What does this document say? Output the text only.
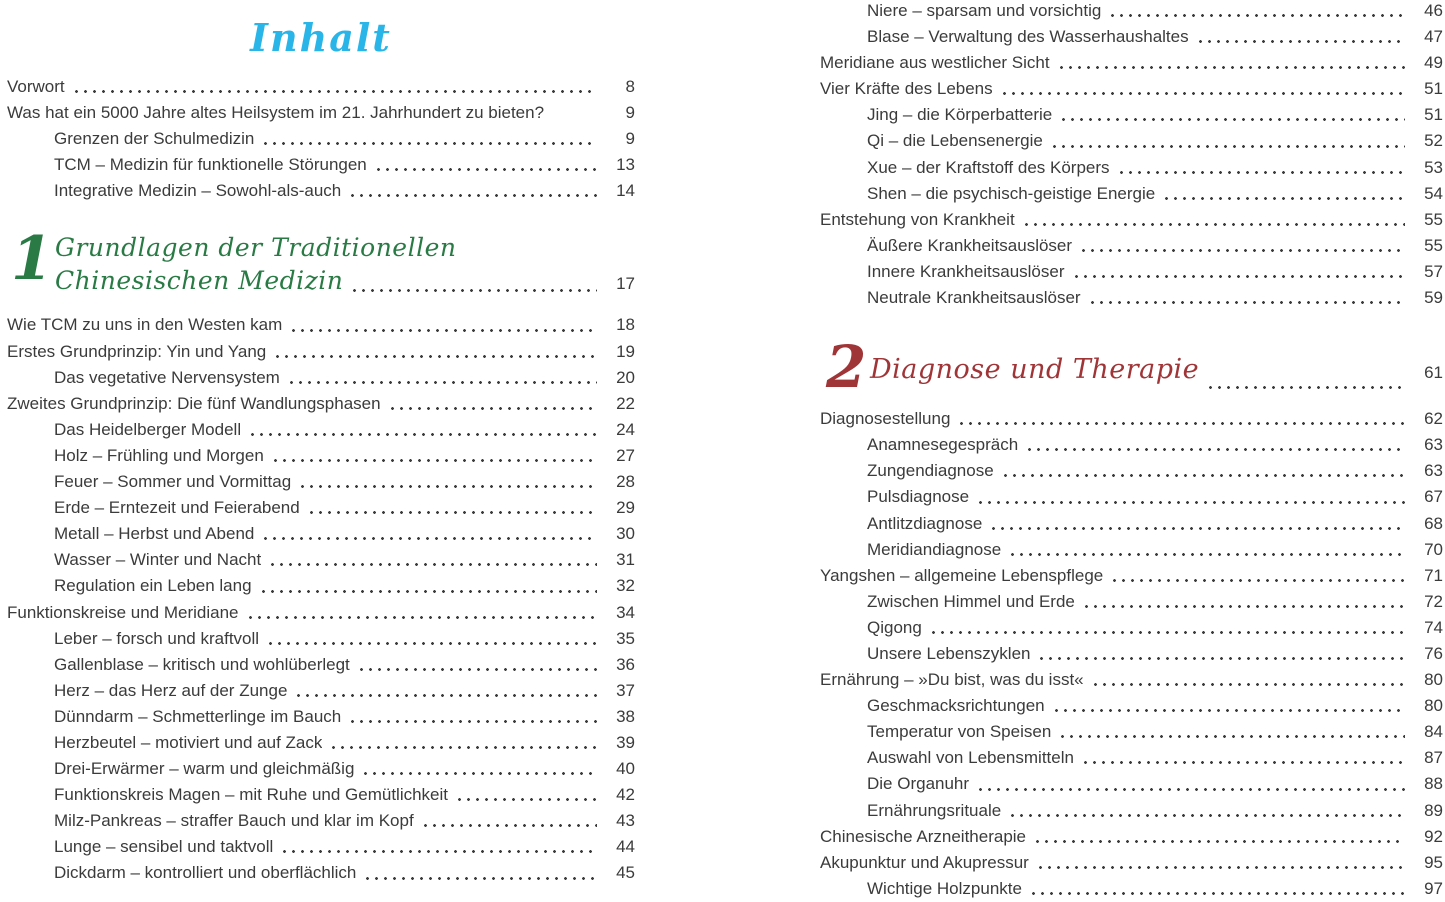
Inhalt
Vorwort	8
Was hat ein 5000 Jahre altes Heilsystem im 21. Jahrhundert zu bieten?	9
Grenzen der Schulmedizin	9
TCM – Medizin für funktionelle Störungen	13
Integrative Medizin – Sowohl-als-auch	14
1 Grundlagen der Traditionellen
Chinesischen Medizin	17
Wie TCM zu uns in den Westen kam	18
Erstes Grundprinzip: Yin und Yang	19
Das vegetative Nervensystem	20
Zweites Grundprinzip: Die fünf Wandlungsphasen	22
Das Heidelberger Modell	24
Holz – Frühling und Morgen	27
Feuer – Sommer und Vormittag	28
Erde – Erntezeit und Feierabend	29
Metall – Herbst und Abend	30
Wasser – Winter und Nacht	31
Regulation ein Leben lang	32
Funktionskreise und Meridiane	34
Leber – forsch und kraftvoll	35
Gallenblase – kritisch und wohlüberlegt	36
Herz – das Herz auf der Zunge	37
Dünndarm – Schmetterlinge im Bauch	38
Herzbeutel – motiviert und auf Zack	39
Drei-Erwärmer – warm und gleichmäßig	40
Funktionskreis Magen – mit Ruhe und Gemütlichkeit	42
Milz-Pankreas – straffer Bauch und klar im Kopf	43
Lunge – sensibel und taktvoll	44
Dickdarm – kontrolliert und oberflächlich	45
Niere – sparsam und vorsichtig	46
Blase – Verwaltung des Wasserhaushaltes	47
Meridiane aus westlicher Sicht	49
Vier Kräfte des Lebens	51
Jing – die Körperbatterie	51
Qi – die Lebensenergie	52
Xue – der Kraftstoff des Körpers	53
Shen – die psychisch-geistige Energie	54
Entstehung von Krankheit	55
Äußere Krankheitsauslöser	55
Innere Krankheitsauslöser	57
Neutrale Krankheitsauslöser	59
2 Diagnose und Therapie	61
Diagnosestellung	62
Anamnesegespräch	63
Zungendiagnose	63
Pulsdiagnose	67
Antlitzdiagnose	68
Meridiandiagnose	70
Yangshen – allgemeine Lebenspflege	71
Zwischen Himmel und Erde	72
Qigong	74
Unsere Lebenszyklen	76
Ernährung – »Du bist, was du isst«	80
Geschmacksrichtungen	80
Temperatur von Speisen	84
Auswahl von Lebensmitteln	87
Die Organuhr	88
Ernährungsrituale	89
Chinesische Arzneitherapie	92
Akupunktur und Akupressur	95
Wichtige Holzpunkte	97
